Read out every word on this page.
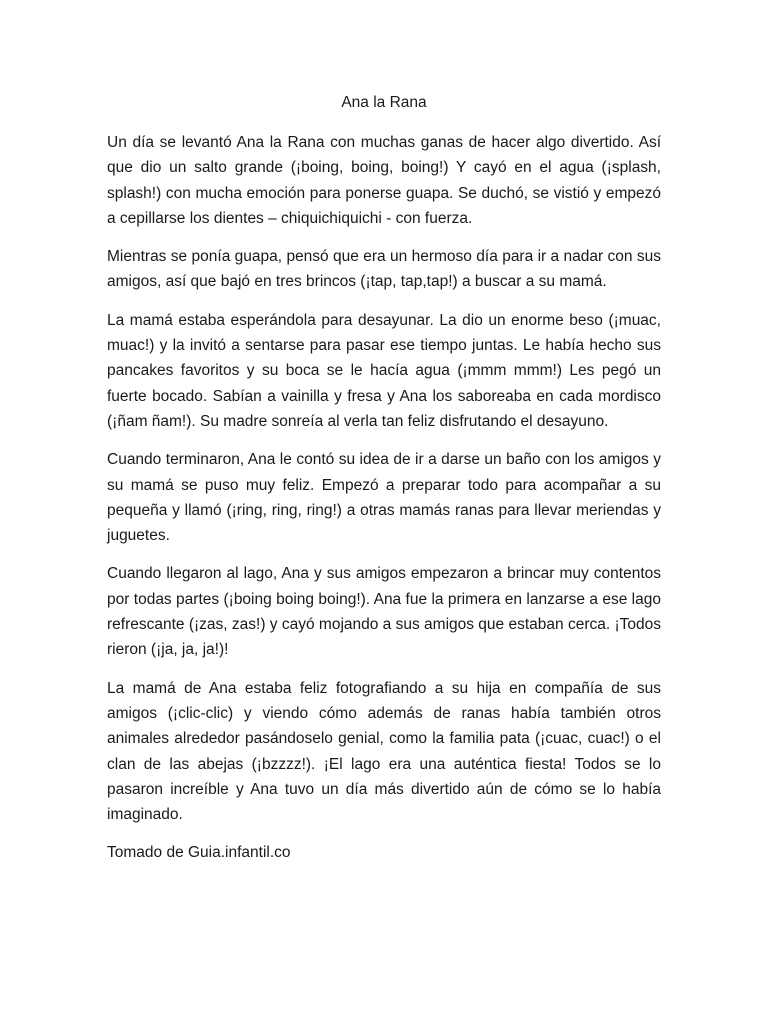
Ana la Rana

Un día se levantó Ana la Rana con muchas ganas de hacer algo divertido. Así que dio un salto grande (¡boing, boing, boing!) Y cayó en el agua (¡splash, splash!) con mucha emoción para ponerse guapa. Se duchó, se vistió y empezó a cepillarse los dientes – chiquichiquichi - con fuerza.

Mientras se ponía guapa, pensó que era un hermoso día para ir a nadar con sus amigos, así que bajó en tres brincos (¡tap, tap,tap!) a buscar a su mamá.

La mamá estaba esperándola para desayunar. La dio un enorme beso (¡muac, muac!) y la invitó a sentarse para pasar ese tiempo juntas. Le había hecho sus pancakes favoritos y su boca se le hacía agua (¡mmm mmm!) Les pegó un fuerte bocado. Sabían a vainilla y fresa y Ana los saboreaba en cada mordisco (¡ñam ñam!). Su madre sonreía al verla tan feliz disfrutando el desayuno.

Cuando terminaron, Ana le contó su idea de ir a darse un baño con los amigos y su mamá se puso muy feliz. Empezó a preparar todo para acompañar a su pequeña y llamó (¡ring, ring, ring!) a otras mamás ranas para llevar meriendas y juguetes.

Cuando llegaron al lago, Ana y sus amigos empezaron a brincar muy contentos por todas partes (¡boing boing boing!). Ana fue la primera en lanzarse a ese lago refrescante (¡zas, zas!) y cayó mojando a sus amigos que estaban cerca. ¡Todos rieron (¡ja, ja, ja!)!

La mamá de Ana estaba feliz fotografiando a su hija en compañía de sus amigos (¡clic-clic) y viendo cómo además de ranas había también otros animales alrededor pasándoselo genial, como la familia pata (¡cuac, cuac!) o el clan de las abejas (¡bzzzz!). ¡El lago era una auténtica fiesta! Todos se lo pasaron increíble y Ana tuvo un día más divertido aún de cómo se lo había imaginado.

Tomado de Guia.infantil.co
